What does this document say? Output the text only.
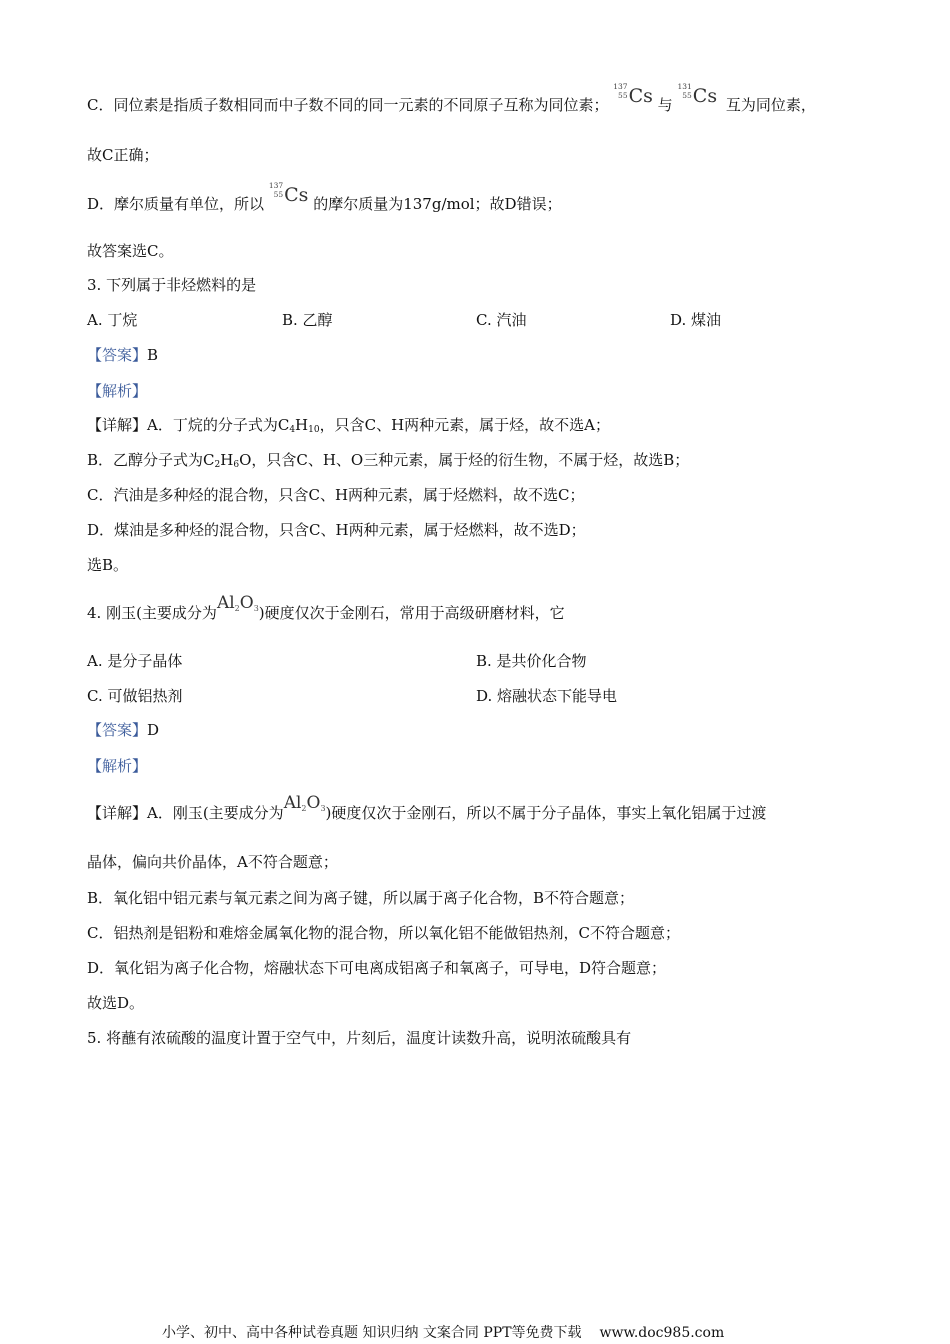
C．同位素是指质子数相同而中子数不同的同一元素的不同原子互称为同位素；
137
55 Cs 与
131
55 Cs 互为同位素，
故C正确；
D．摩尔质量有单位，所以
137
55 Cs 的摩尔质量为137g/mol；故D错误；
故答案选C。
3. 下列属于非烃燃料的是
A. 丁烷	B. 乙醇	C. 汽油	D. 煤油
【答案】B
【解析】
【详解】A．丁烷的分子式为$C_4H_{10}$，只含C、H两种元素，属于烃，故不选A；
B．乙醇分子式为$C_2H_6O$，只含C、H、O三种元素，属于烃的衍生物，不属于烃，故选B；
C．汽油是多种烃的混合物，只含C、H两种元素，属于烃燃料，故不选C；
D．煤油是多种烃的混合物，只含C、H两种元素，属于烃燃料，故不选D；
选B。
4. 刚玉(主要成分为$Al_2O_3$)硬度仅次于金刚石，常用于高级研磨材料，它
A. 是分子晶体	B. 是共价化合物
C. 可做铝热剂	D. 熔融状态下能导电
【答案】D
【解析】
【详解】A．刚玉(主要成分为$Al_2O_3$)硬度仅次于金刚石，所以不属于分子晶体，事实上氧化铝属于过渡
晶体，偏向共价晶体，A不符合题意；
B．氧化铝中铝元素与氧元素之间为离子键，所以属于离子化合物，B不符合题意；
C．铝热剂是铝粉和难熔金属氧化物的混合物，所以氧化铝不能做铝热剂，C不符合题意；
D．氧化铝为离子化合物，熔融状态下可电离成铝离子和氧离子，可导电，D符合题意；
故选D。
5. 将蘸有浓硫酸的温度计置于空气中，片刻后，温度计读数升高，说明浓硫酸具有
小学、初中、高中各种试卷真题 知识归纳 文案合同 PPT等免费下载 www.doc985.com
